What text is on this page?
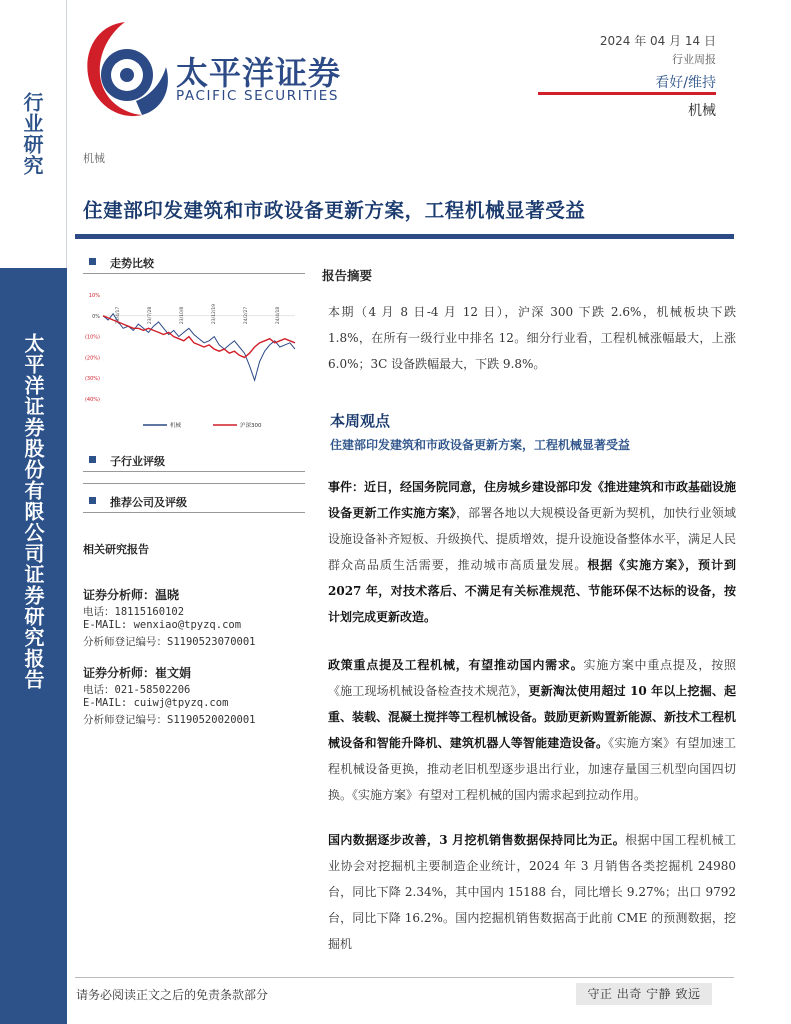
行业研究
太平洋证券股份有限公司证券研究报告
太平洋证券
PACIFIC SECURITIES
2024 年 04 月 14 日
行业周报
看好/维持
机械
机械
住建部印发建筑和市政设备更新方案，工程机械显著受益
走势比较
10%
0%
(10%)
(20%)
(30%)
(40%)
23/4/17	23/7/28	23/10/8	23/12/19	24/2/27	24/4/18
机械	沪深300
子行业评级
推荐公司及评级
相关研究报告
证券分析师：温晓
电话：18115160102
E-MAIL: wenxiao@tpyzq.com
分析师登记编号：S1190523070001
证券分析师：崔文娟
电话：021-58502206
E-MAIL: cuiwj@tpyzq.com
分析师登记编号：S1190520020001
报告摘要
本期（4 月 8 日-4 月 12 日），沪深 300 下跌 2.6%，机械板块下跌 1.8%，在所有一级行业中排名 12。细分行业看，工程机械涨幅最大，上涨 6.0%；3C 设备跌幅最大，下跌 9.8%。
本周观点
住建部印发建筑和市政设备更新方案，工程机械显著受益
事件：近日，经国务院同意，住房城乡建设部印发《推进建筑和市政基础设施设备更新工作实施方案》，部署各地以大规模设备更新为契机，加快行业领域设施设备补齐短板、升级换代、提质增效，提升设施设备整体水平，满足人民群众高品质生活需要，推动城市高质量发展。根据《实施方案》，预计到 2027 年，对技术落后、不满足有关标准规范、节能环保不达标的设备，按计划完成更新改造。
政策重点提及工程机械，有望推动国内需求。实施方案中重点提及，按照《施工现场机械设备检查技术规范》，更新淘汰使用超过 10 年以上挖掘、起重、装载、混凝土搅拌等工程机械设备。鼓励更新购置新能源、新技术工程机械设备和智能升降机、建筑机器人等智能建造设备。《实施方案》有望加速工程机械设备更换，推动老旧机型逐步退出行业，加速存量国三机型向国四切换。《实施方案》有望对工程机械的国内需求起到拉动作用。
国内数据逐步改善，3 月挖机销售数据保持同比为正。根据中国工程机械工业协会对挖掘机主要制造企业统计，2024 年 3 月销售各类挖掘机 24980 台，同比下降 2.34%，其中国内 15188 台，同比增长 9.27%；出口 9792 台，同比下降 16.2%。国内挖掘机销售数据高于此前 CME 的预测数据，挖掘机
请务必阅读正文之后的免责条款部分	守正 出奇 宁静 致远
